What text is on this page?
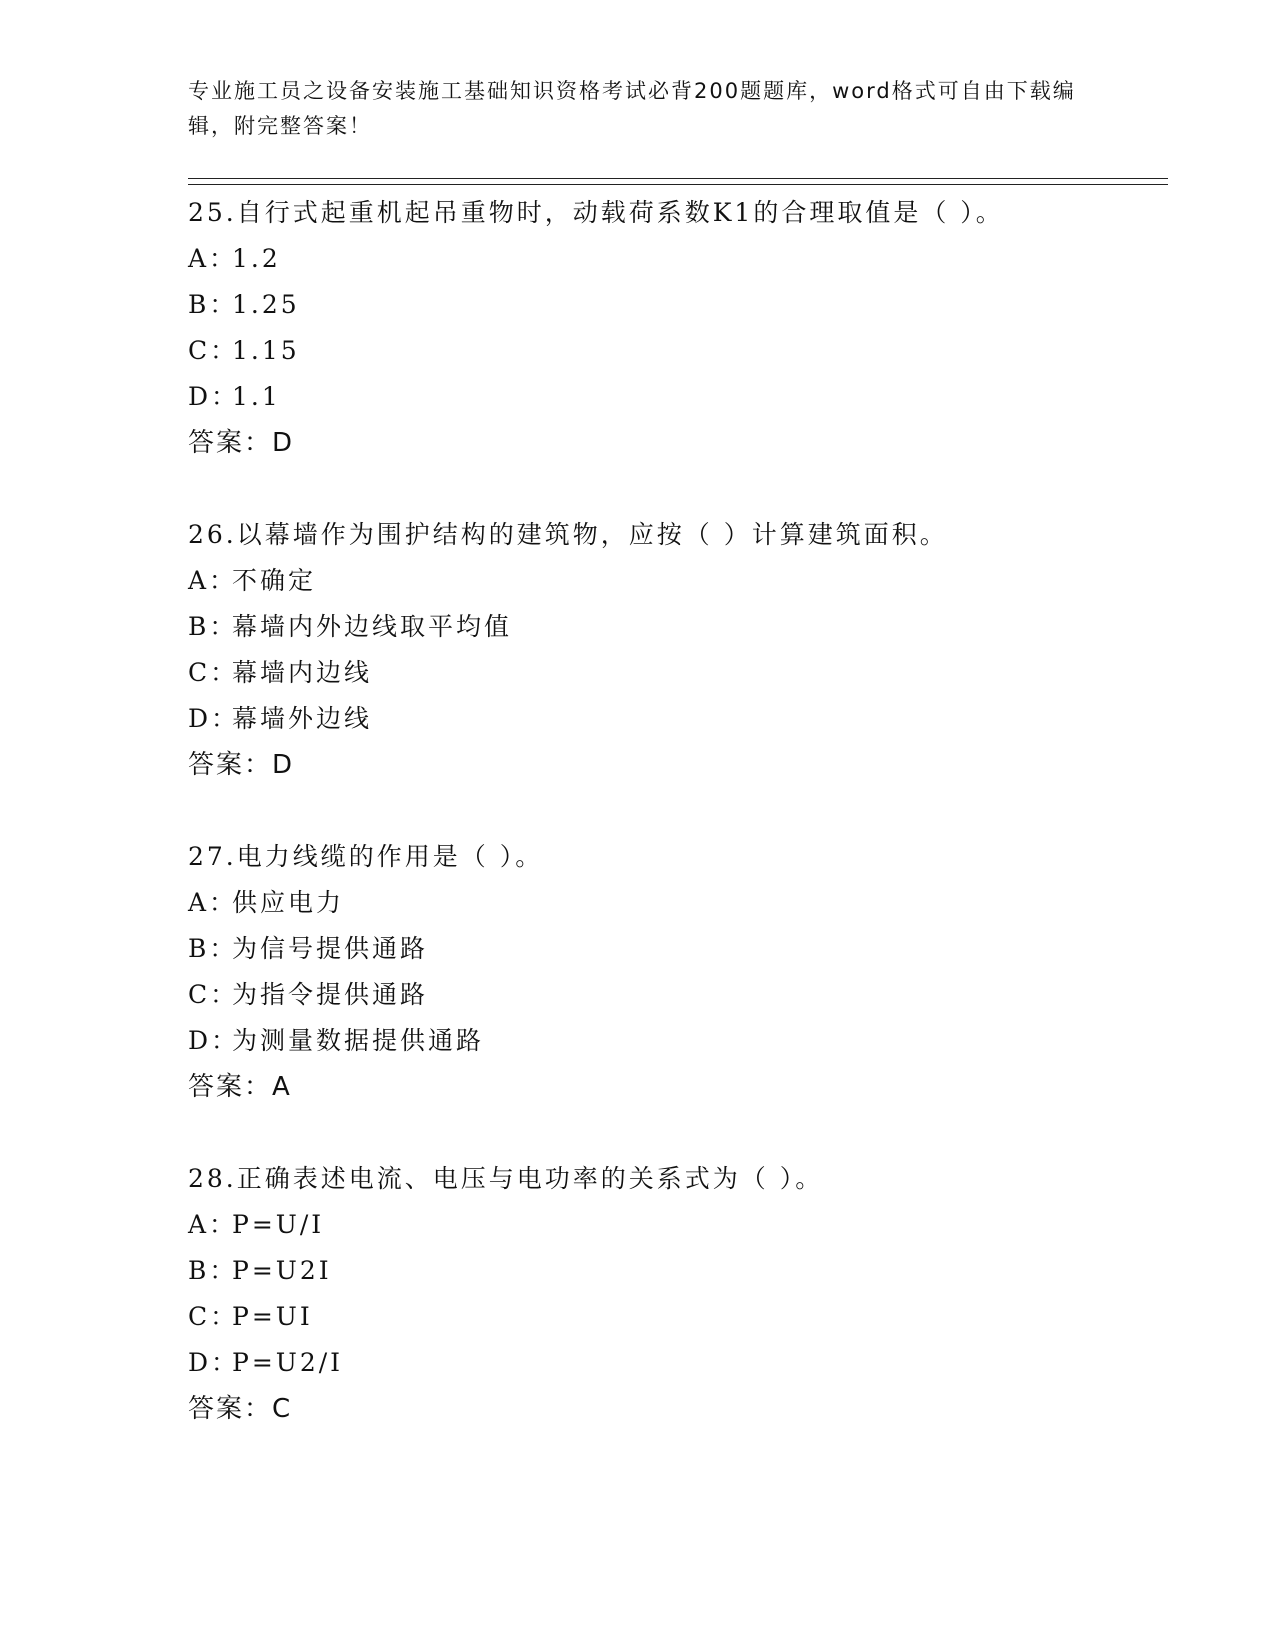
专业施工员之设备安装施工基础知识资格考试必背200题题库，word格式可自由下载编辑，附完整答案！
25.自行式起重机起吊重物时，动载荷系数K1的合理取值是（ ）。
A：1.2
B：1.25
C：1.15
D：1.1
答案：D
26.以幕墙作为围护结构的建筑物，应按（ ）计算建筑面积。
A：不确定
B：幕墙内外边线取平均值
C：幕墙内边线
D：幕墙外边线
答案：D
27.电力线缆的作用是（ ）。
A：供应电力
B：为信号提供通路
C：为指令提供通路
D：为测量数据提供通路
答案：A
28.正确表述电流、电压与电功率的关系式为（ ）。
A：P=U/I
B：P=U2I
C：P=UI
D：P=U2/I
答案：C
